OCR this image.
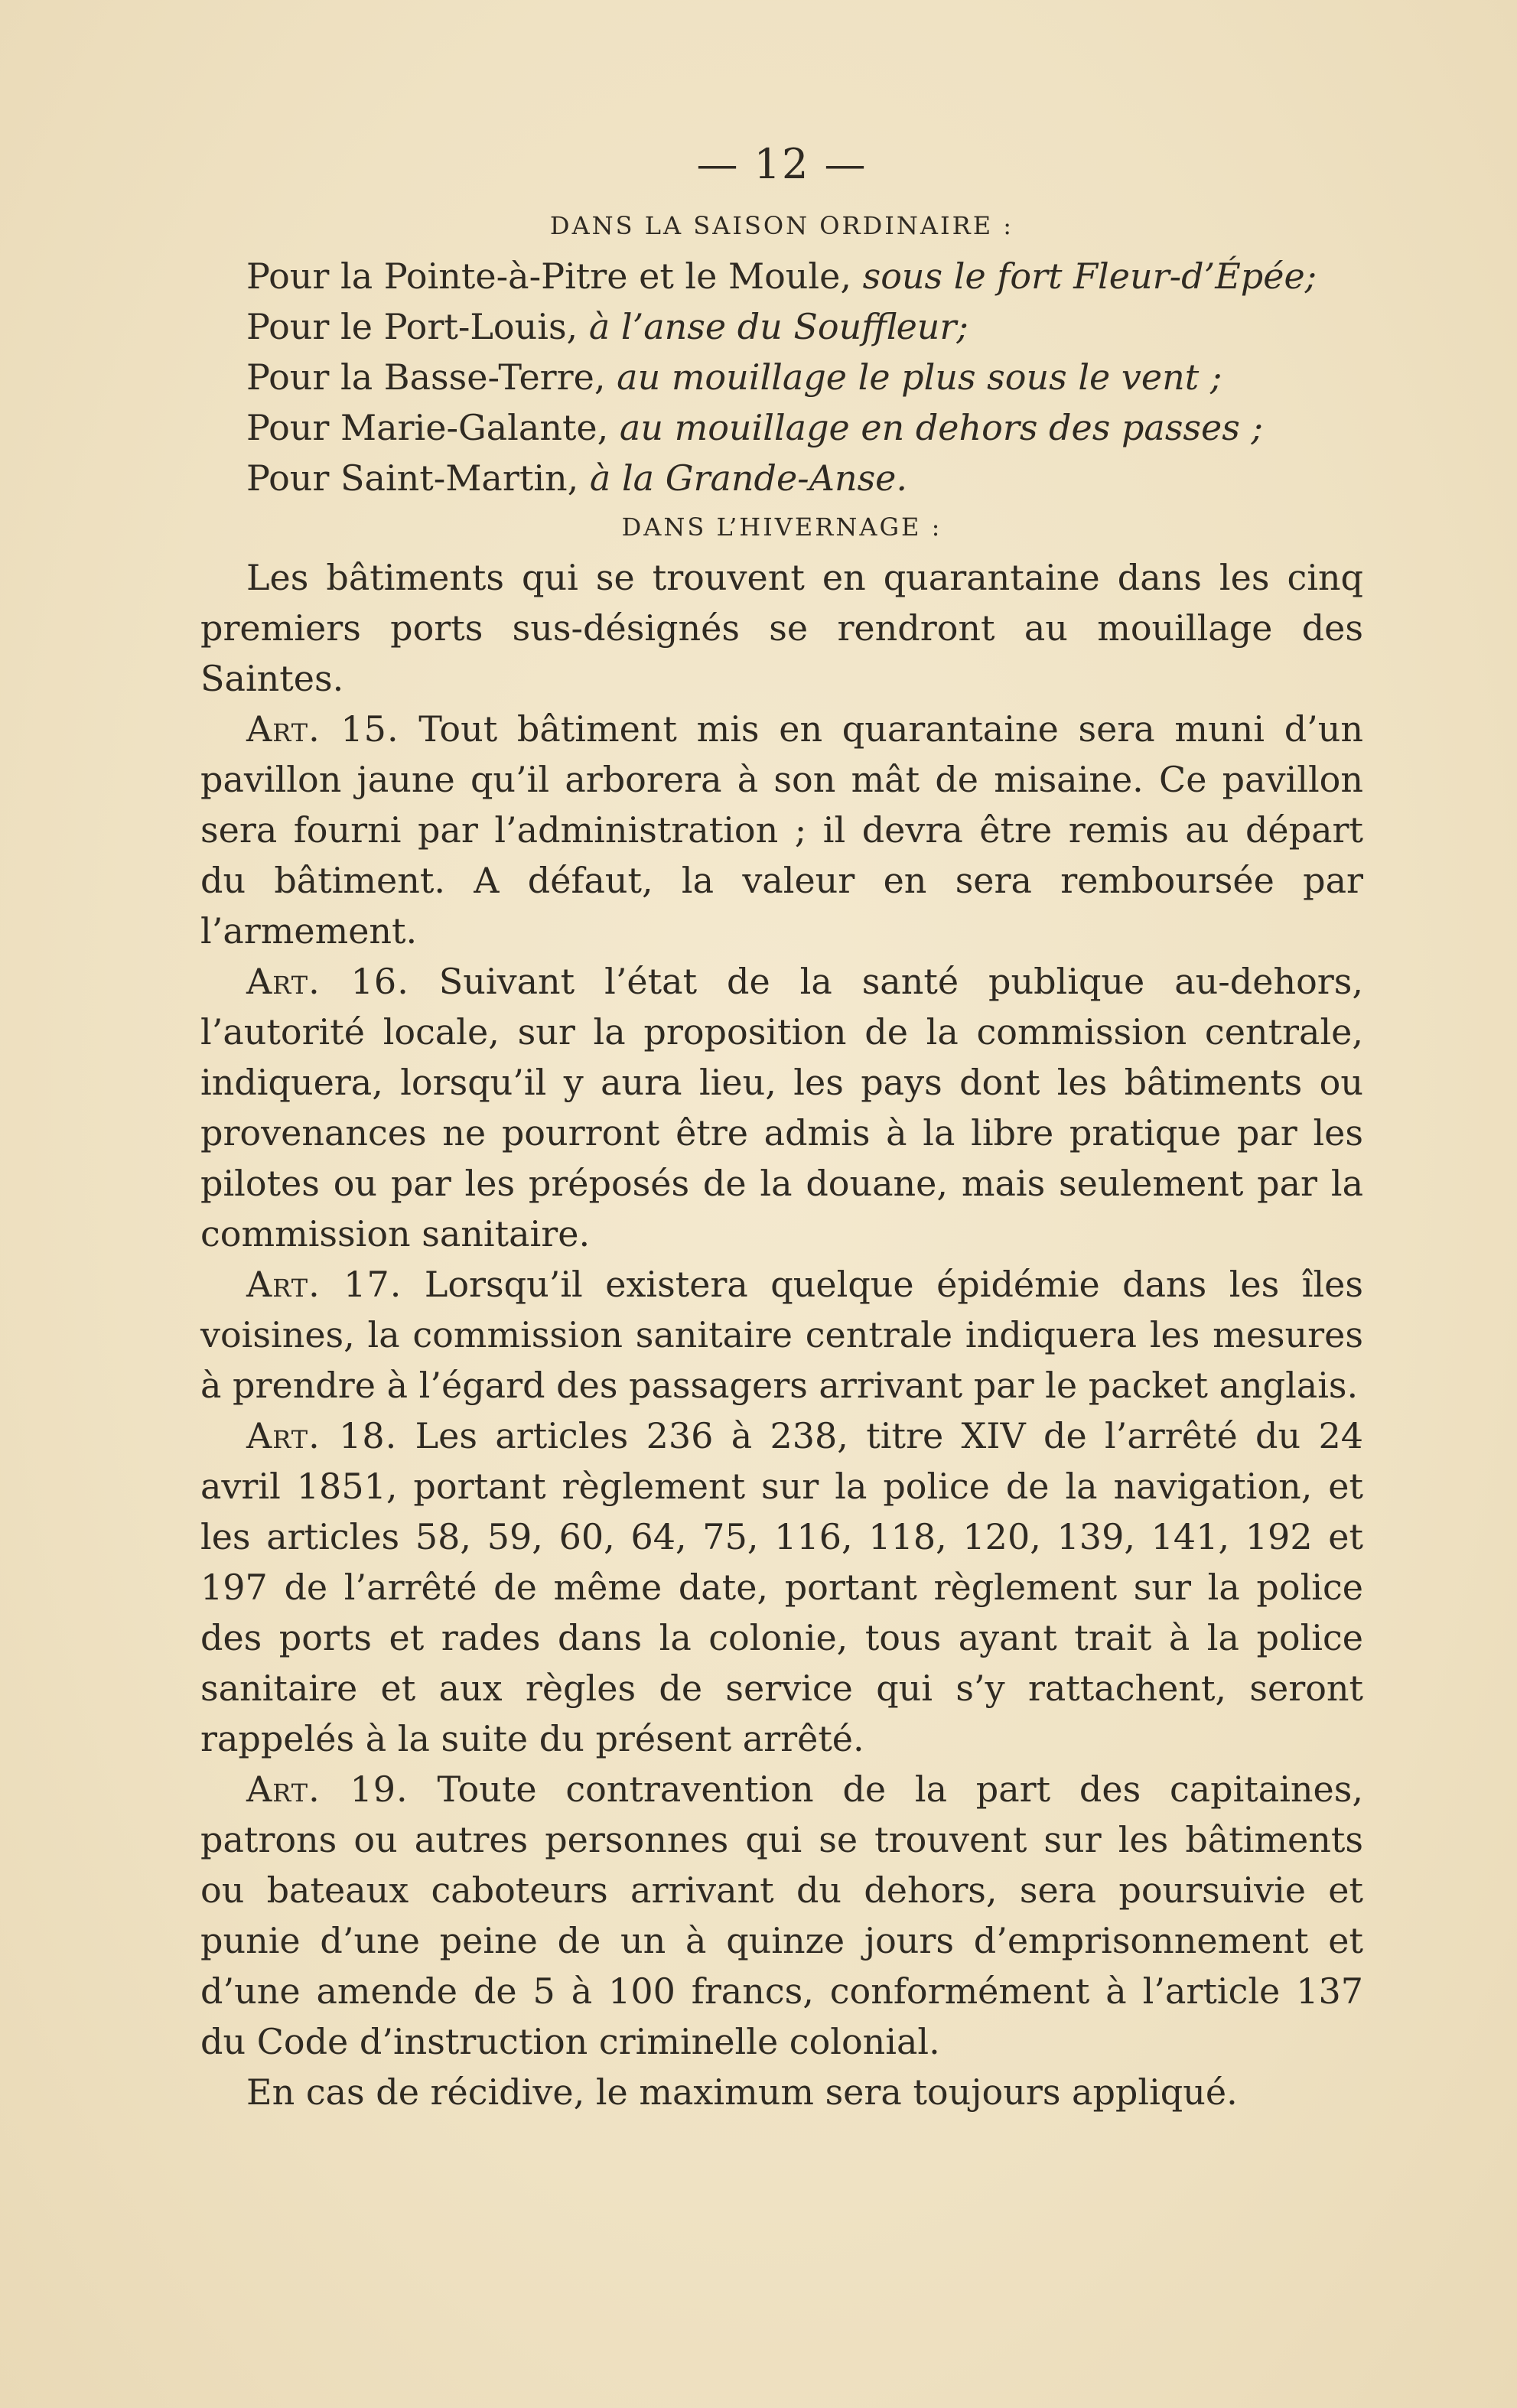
— 12 —
DANS LA SAISON ORDINAIRE :

Pour la Pointe-à-Pitre et le Moule, sous le fort Fleur-d’Épée;

Pour le Port-Louis, à l’anse du Souffleur;

Pour la Basse-Terre, au mouillage le plus sous le vent ;

Pour Marie-Galante, au mouillage en dehors des passes ;

Pour Saint-Martin, à la Grande-Anse.

DANS L’HIVERNAGE :

Les bâtiments qui se trouvent en quarantaine dans les cinq premiers ports sus-désignés se rendront au mouillage des Saintes.

Art. 15. Tout bâtiment mis en quarantaine sera muni d’un pavillon jaune qu’il arborera à son mât de misaine. Ce pavillon sera fourni par l’administration ; il devra être remis au départ du bâtiment. A défaut, la valeur en sera remboursée par l’armement.

Art. 16. Suivant l’état de la santé publique au-dehors, l’autorité locale, sur la proposition de la commission centrale, indiquera, lorsqu’il y aura lieu, les pays dont les bâtiments ou provenances ne pourront être admis à la libre pratique par les pilotes ou par les préposés de la douane, mais seulement par la commission sanitaire.

Art. 17. Lorsqu’il existera quelque épidémie dans les îles voisines, la commission sanitaire centrale indiquera les mesures à prendre à l’égard des passagers arrivant par le packet anglais.

Art. 18. Les articles 236 à 238, titre XIV de l’arrêté du 24 avril 1851, portant règlement sur la police de la navigation, et les articles 58, 59, 60, 64, 75, 116, 118, 120, 139, 141, 192 et 197 de l’arrêté de même date, portant règlement sur la police des ports et rades dans la colonie, tous ayant trait à la police sanitaire et aux règles de service qui s’y rattachent, seront rappelés à la suite du présent arrêté.

Art. 19. Toute contravention de la part des capitaines, patrons ou autres personnes qui se trouvent sur les bâtiments ou bateaux caboteurs arrivant du dehors, sera poursuivie et punie d’une peine de un à quinze jours d’emprisonnement et d’une amende de 5 à 100 francs, conformément à l’article 137 du Code d’instruction criminelle colonial.

En cas de récidive, le maximum sera toujours appliqué.
